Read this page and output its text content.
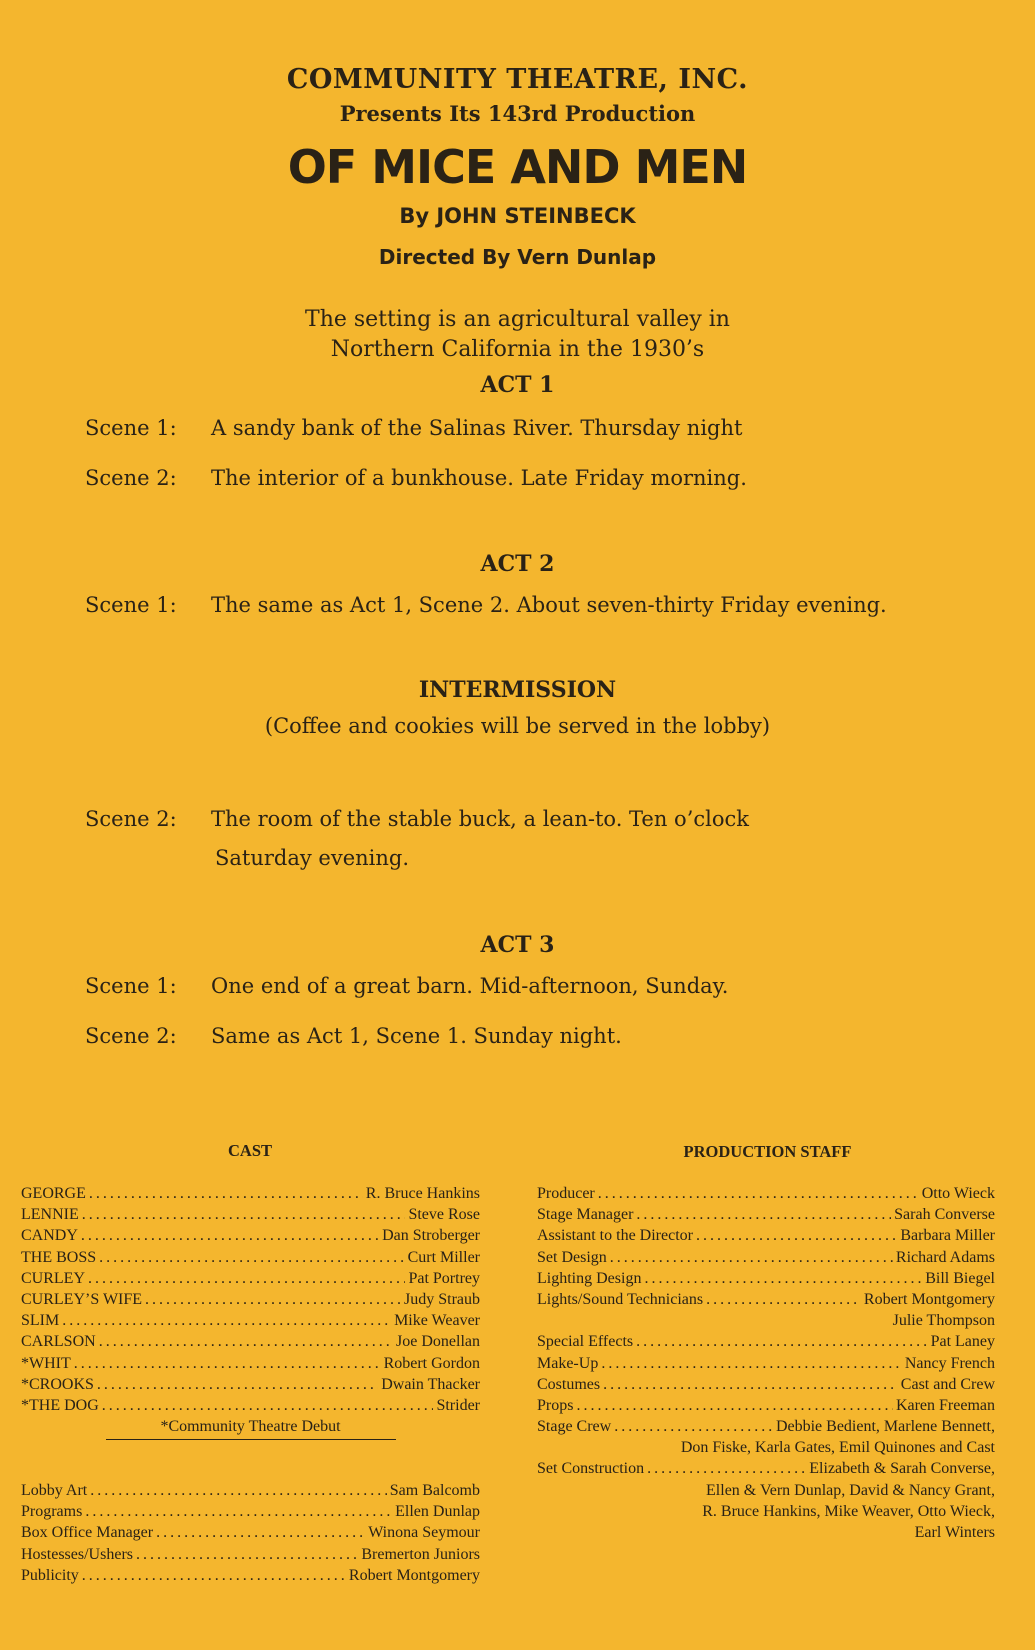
COMMUNITY THEATRE, INC.
Presents Its 143rd Production
OF MICE AND MEN
By JOHN STEINBECK
Directed By Vern Dunlap
The setting is an agricultural valley in
Northern California in the 1930’s
ACT 1
Scene 1: A sandy bank of the Salinas River. Thursday night
Scene 2: The interior of a bunkhouse. Late Friday morning.
ACT 2
Scene 1: The same as Act 1, Scene 2. About seven-thirty Friday evening.
INTERMISSION
(Coffee and cookies will be served in the lobby)
Scene 2: The room of the stable buck, a lean-to. Ten o’clock
Saturday evening.
ACT 3
Scene 1: One end of a great barn. Mid-afternoon, Sunday.
Scene 2: Same as Act 1, Scene 1. Sunday night.
CAST
GEORGE . . .	R. Bruce Hankins
LENNIE . . .	Steve Rose
CANDY . . .	Dan Stroberger
THE BOSS . . .	Curt Miller
CURLEY . . .	Pat Portrey
CURLEY’S WIFE . . .	Judy Straub
SLIM . . .	Mike Weaver
CARLSON . . .	Joe Donellan
*WHIT . . .	Robert Gordon
*CROOKS . . .	Dwain Thacker
*THE DOG . . .	Strider
*Community Theatre Debut
Lobby Art . . .	Sam Balcomb
Programs . . .	Ellen Dunlap
Box Office Manager . . .	Winona Seymour
Hostesses/Ushers . . .	Bremerton Juniors
Publicity . . .	Robert Montgomery
PRODUCTION STAFF
Producer . . .	Otto Wieck
Stage Manager . . .	Sarah Converse
Assistant to the Director . . .	Barbara Miller
Set Design . . .	Richard Adams
Lighting Design . . .	Bill Biegel
Lights/Sound Technicians . . .	Robert Montgomery
Julie Thompson
Special Effects . . .	Pat Laney
Make-Up . . .	Nancy French
Costumes . . .	Cast and Crew
Props . . .	Karen Freeman
Stage Crew . . .	Debbie Bedient, Marlene Bennett,
Don Fiske, Karla Gates, Emil Quinones and Cast
Set Construction . . .	Elizabeth & Sarah Converse,
Ellen & Vern Dunlap, David & Nancy Grant,
R. Bruce Hankins, Mike Weaver, Otto Wieck,
Earl Winters
